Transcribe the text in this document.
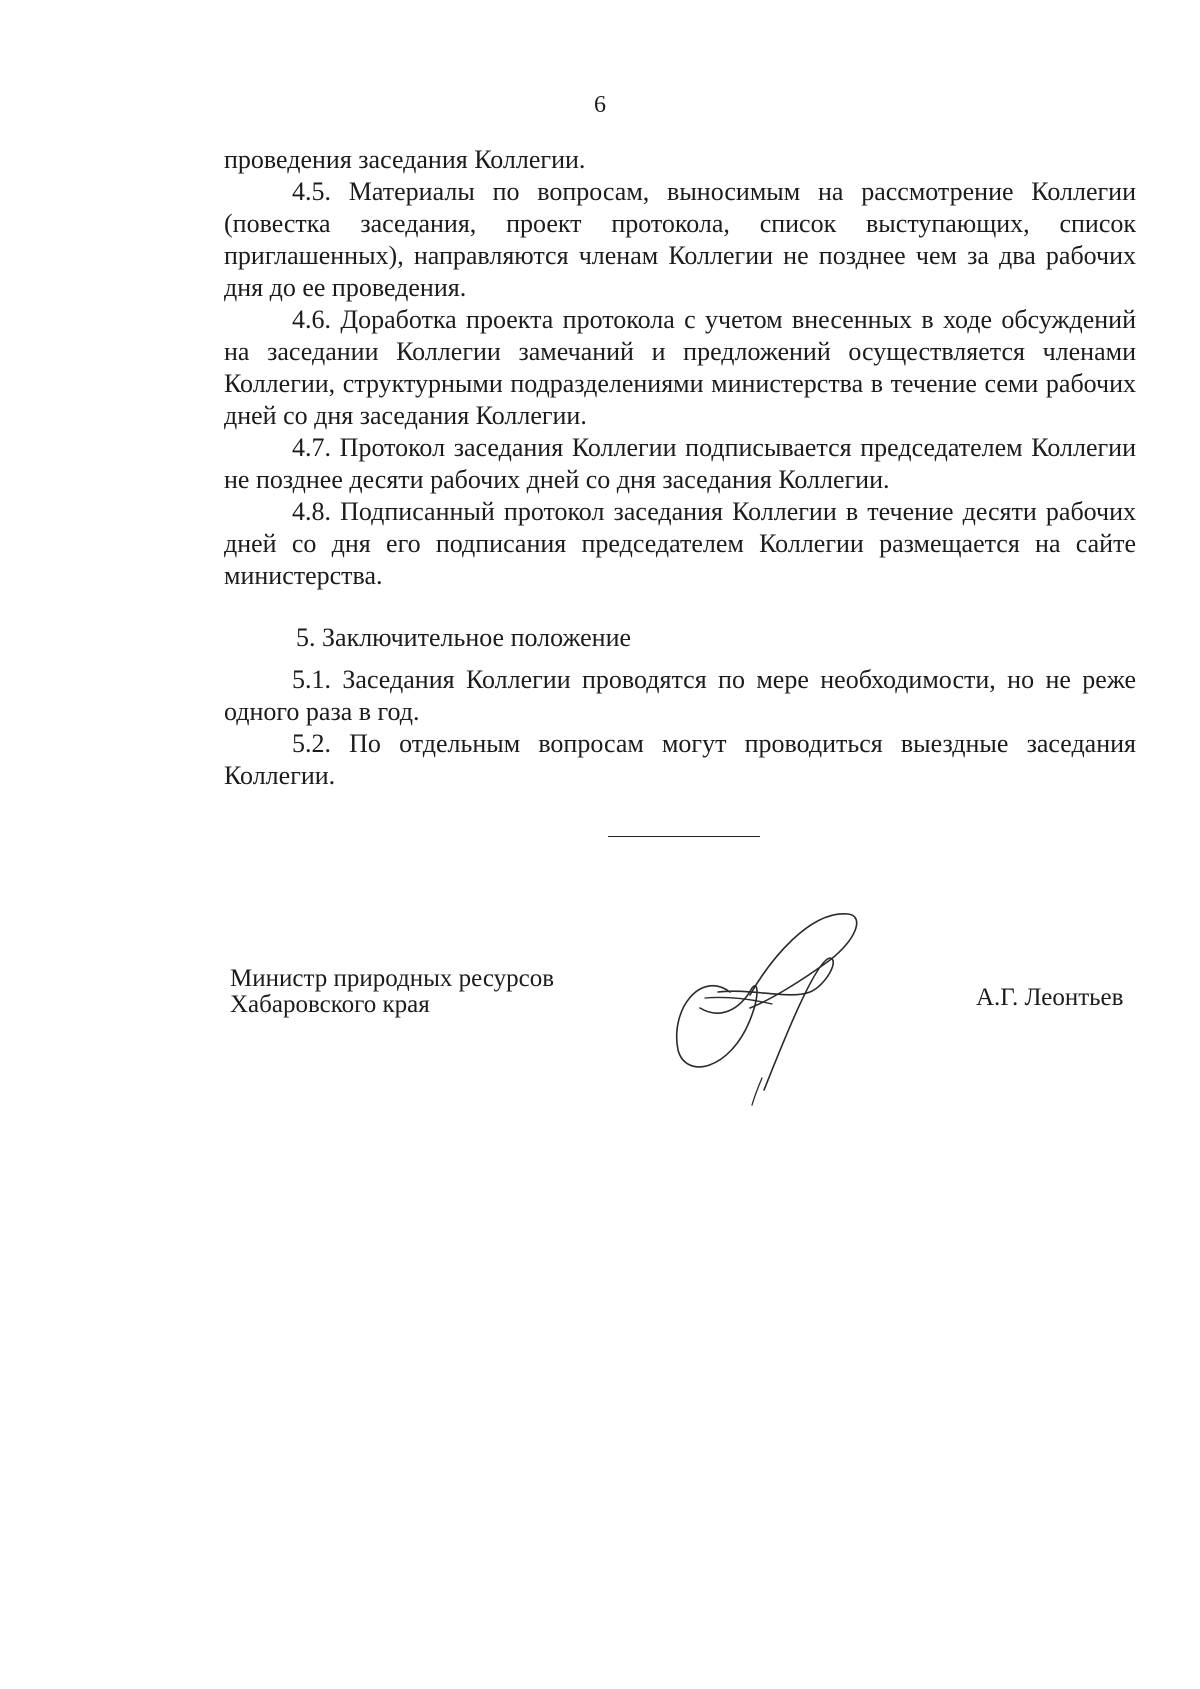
6

проведения заседания Коллегии.

4.5. Материалы по вопросам, выносимым на рассмотрение Коллегии (повестка заседания, проект протокола, список выступающих, список приглашенных), направляются членам Коллегии не позднее чем за два рабочих дня до ее проведения.

4.6. Доработка проекта протокола с учетом внесенных в ходе обсуждений на заседании Коллегии замечаний и предложений осуществляется членами Коллегии, структурными подразделениями министерства в течение семи рабочих дней со дня заседания Коллегии.

4.7. Протокол заседания Коллегии подписывается председателем Коллегии не позднее десяти рабочих дней со дня заседания Коллегии.

4.8. Подписанный протокол заседания Коллегии в течение десяти рабочих дней со дня его подписания председателем Коллегии размещается на сайте министерства.

5. Заключительное положение

5.1. Заседания Коллегии проводятся по мере необходимости, но не реже одного раза в год.

5.2. По отдельным вопросам могут проводиться выездные заседания Коллегии.

Министр природных ресурсов
Хабаровского края	А.Г. Леонтьев
